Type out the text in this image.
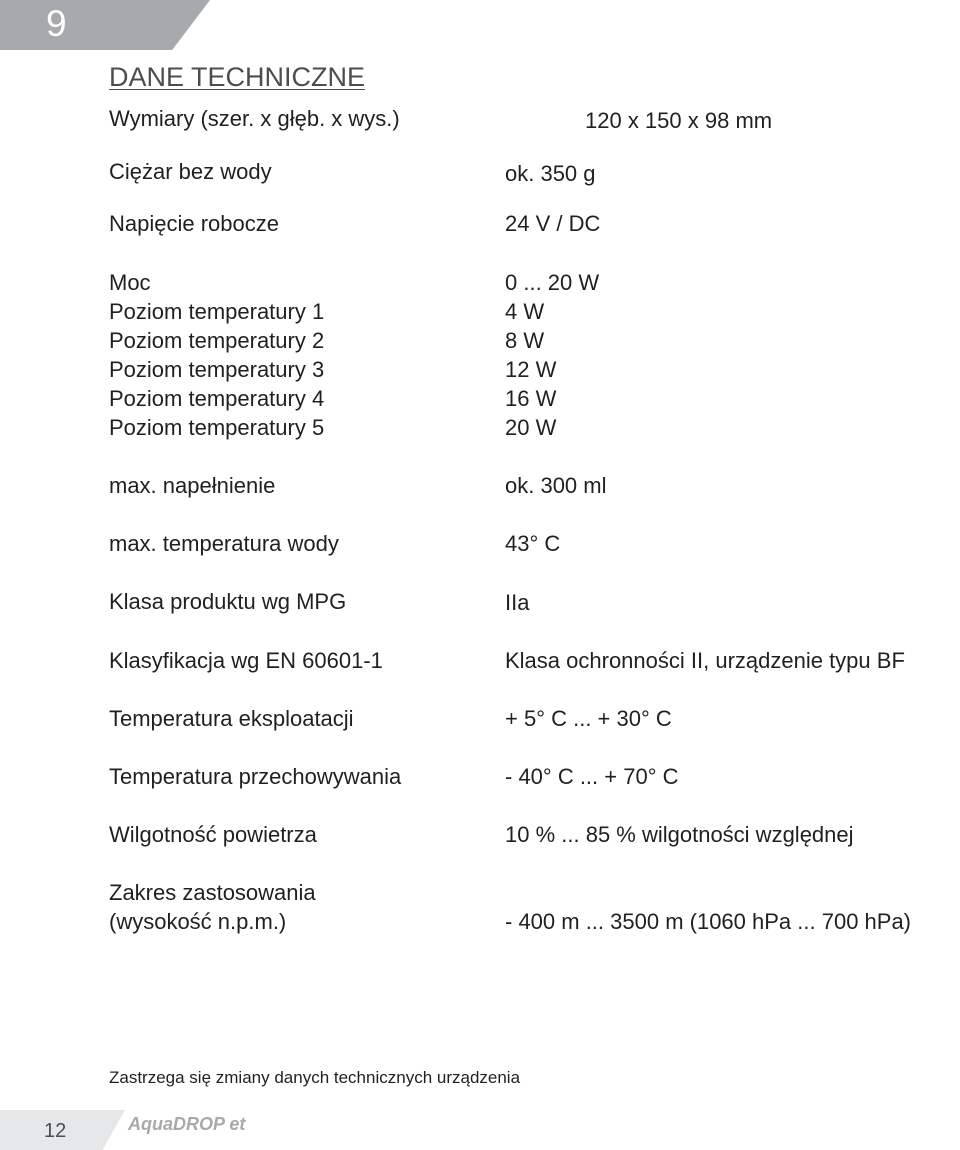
9
DANE TECHNICZNE
Wymiary (szer. x głęb. x wys.)	120 x 150 x 98 mm
Ciężar bez wody	ok. 350 g
Napięcie robocze	24 V / DC
Moc	0 ... 20 W
Poziom temperatury 1	4 W
Poziom temperatury 2	8 W
Poziom temperatury 3	12 W
Poziom temperatury 4	16 W
Poziom temperatury 5	20 W
max. napełnienie	ok. 300 ml
max. temperatura wody	43° C
Klasa produktu wg MPG	IIa
Klasyfikacja wg EN 60601-1	Klasa ochronności II, urządzenie typu BF
Temperatura eksploatacji	+ 5° C ... + 30° C
Temperatura przechowywania	- 40° C ... + 70° C
Wilgotność powietrza	10 % ... 85 % wilgotności względnej
Zakres zastosowania
(wysokość n.p.m.)	- 400 m ... 3500 m (1060 hPa ... 700 hPa)
Zastrzega się zmiany danych technicznych urządzenia
12	AquaDROP et
